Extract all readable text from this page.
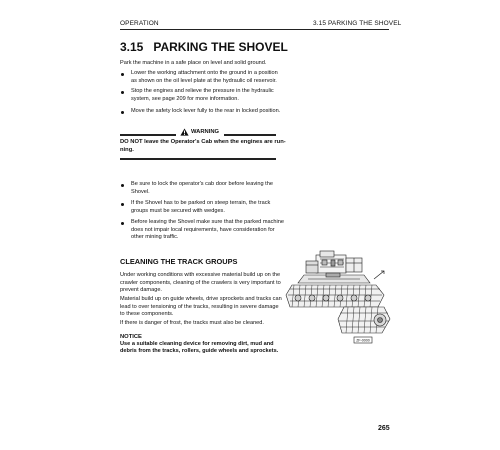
OPERATION	3.15 PARKING THE SHOVEL
3.15   PARKING THE SHOVEL
Park the machine in a safe place on level and solid ground.
Lower the working attachment onto the ground in a position
as shown on the oil level plate at the hydraulic oil reservoir.
Stop the engines and relieve the pressure in the hydraulic
system, see page 209 for more information.
Move the safety lock lever fully to the rear in locked position.
WARNING
DO NOT leave the Operator's Cab when the engines are run-
ning.
Be sure to lock the operator's cab door before leaving the
Shovel.
If the Shovel has to be parked on steep terrain, the track
groups must be secured with wedges.
Before leaving the Shovel make sure that the parked machine
does not impair local requirements, have consideration for
other mining traffic.
CLEANING THE TRACK GROUPS
Under working conditions with excessive material build up on the
crawler components, cleaning of the crawlers is very important to
prevent damage.
Material build up on guide wheels, drive sprockets and tracks can
lead to over tensioning of the tracks, resulting in severe damage
to these components.
If there is danger of frost, the tracks must also be cleaned.
NOTICE
Use a suitable cleaning device for removing dirt, mud and
debris from the tracks, rollers, guide wheels and sprockets.
ZF-0000
265
